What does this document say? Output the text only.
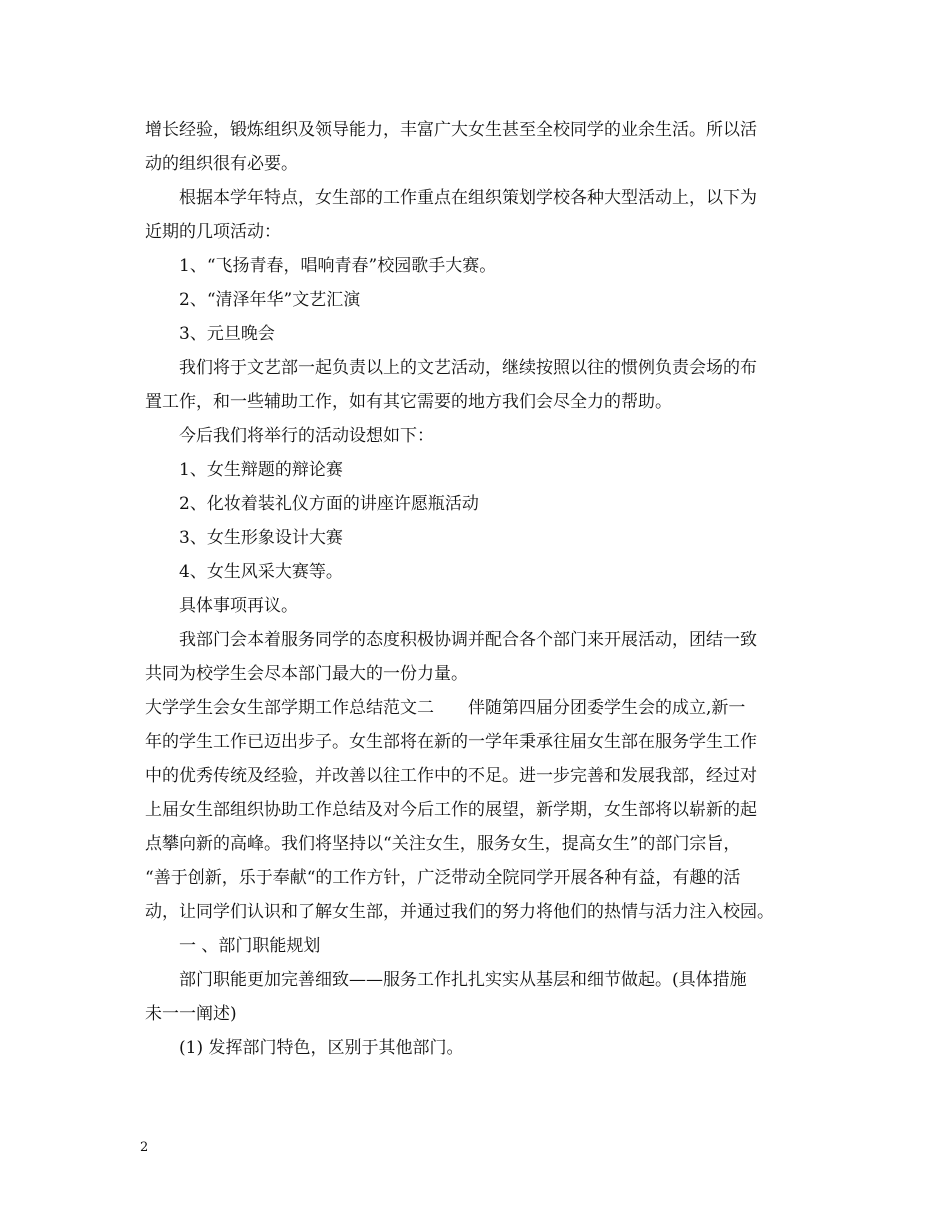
增长经验，锻炼组织及领导能力，丰富广大女生甚至全校同学的业余生活。所以活
动的组织很有必要。
根据本学年特点，女生部的工作重点在组织策划学校各种大型活动上，以下为
近期的几项活动：
1、“飞扬青春，唱响青春”校园歌手大赛。
2、“清泽年华”文艺汇演
3、元旦晚会
我们将于文艺部一起负责以上的文艺活动，继续按照以往的惯例负责会场的布
置工作，和一些辅助工作，如有其它需要的地方我们会尽全力的帮助。
今后我们将举行的活动设想如下：
1、女生辩题的辩论赛
2、化妆着装礼仪方面的讲座许愿瓶活动
3、女生形象设计大赛
4、女生风采大赛等。
具体事项再议。
我部门会本着服务同学的态度积极协调并配合各个部门来开展活动，团结一致
共同为校学生会尽本部门最大的一份力量。
大学学生会女生部学期工作总结范文二　　伴随第四届分团委学生会的成立,新一
年的学生工作已迈出步子。女生部将在新的一学年秉承往届女生部在服务学生工作
中的优秀传统及经验，并改善以往工作中的不足。进一步完善和发展我部，经过对
上届女生部组织协助工作总结及对今后工作的展望，新学期，女生部将以崭新的起
点攀向新的高峰。我们将坚持以“关注女生，服务女生，提高女生”的部门宗旨，
“善于创新，乐于奉献“的工作方针，广泛带动全院同学开展各种有益，有趣的活
动，让同学们认识和了解女生部，并通过我们的努力将他们的热情与活力注入校园。
一 、部门职能规划
部门职能更加完善细致——服务工作扎扎实实从基层和细节做起。(具体措施
未一一阐述)
(1) 发挥部门特色，区别于其他部门。
2
